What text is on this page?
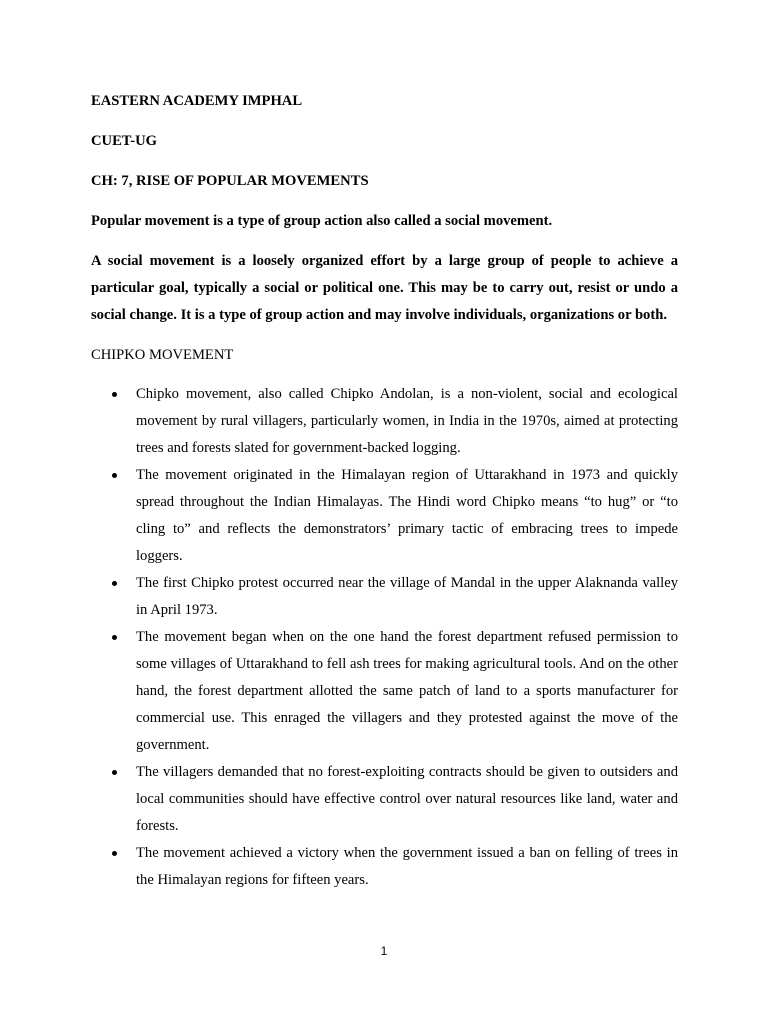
EASTERN ACADEMY IMPHAL
CUET-UG
CH: 7, RISE OF POPULAR MOVEMENTS
Popular movement is a type of group action also called a social movement.
A social movement is a loosely organized effort by a large group of people to achieve a particular goal, typically a social or political one. This may be to carry out, resist or undo a social change. It is a type of group action and may involve individuals, organizations or both.
CHIPKO MOVEMENT
Chipko movement, also called Chipko Andolan, is a non-violent, social and ecological movement by rural villagers, particularly women, in India in the 1970s, aimed at protecting trees and forests slated for government-backed logging.
The movement originated in the Himalayan region of Uttarakhand in 1973 and quickly spread throughout the Indian Himalayas. The Hindi word Chipko means “to hug” or “to cling to” and reflects the demonstrators’ primary tactic of embracing trees to impede loggers.
The first Chipko protest occurred near the village of Mandal in the upper Alaknanda valley in April 1973.
The movement began when on the one hand the forest department refused permission to some villages of Uttarakhand to fell ash trees for making agricultural tools. And on the other hand, the forest department allotted the same patch of land to a sports manufacturer for commercial use. This enraged the villagers and they protested against the move of the government.
The villagers demanded that no forest-exploiting contracts should be given to outsiders and local communities should have effective control over natural resources like land, water and forests.
The movement achieved a victory when the government issued a ban on felling of trees in the Himalayan regions for fifteen years.
1
